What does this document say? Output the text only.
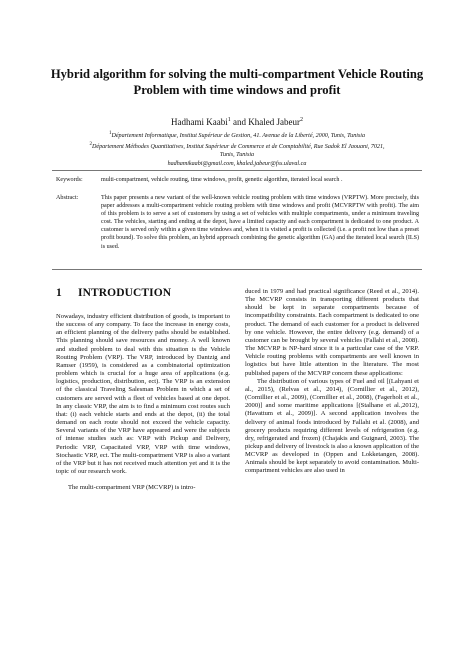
Hybrid algorithm for solving the multi-compartment Vehicle Routing
Problem with time windows and profit
Hadhami Kaabi$^1$ and Khaled Jabeur$^2$
$^1$Département Informatique, Institut Supérieur de Gestion, 41. Avenue de la Liberté, 2000, Tunis, Tunisia
$^2$Département Méthodes Quantitatives, Institut Supérieur de Commerce et de Comptabilité, Rue Sadok El Jaouani, 7021,
Tunis, Tunisia
hadhamikaabi@gmail.com, khaled.jabeur@fss.ulaval.ca
Keywords:	multi-compartment, vehicle routing, time windows, profit, genetic algorithm, iterated local search .
Abstract:	This paper presents a new variant of the well-known vehicle routing problem with time windows (VRPTW). More precisely, this paper addresses a multi-compartment vehicle routing problem with time windows and profit (MCVRPTW with profit). The aim of this problem is to serve a set of customers by using a set of vehicles with multiple compartments, under a minimum traveling cost. The vehicles, starting and ending at the depot, have a limited capacity and each compartment is dedicated to one product. A customer is served only within a given time windows and, when it is visited a profit is collected (i.e. a profit not low than a preset profit bound). To solve this problem, an hybrid approach combining the genetic algorithm (GA) and the iterated local search (ILS) is used.
1 INTRODUCTION

Nowadays, industry efficient distribution of goods, is important to the success of any company. To face the increase in energy costs, an efficient planning of the delivery paths should be established. This planning should save resources and money. A well known and studied problem to deal with this situation is the Vehicle Routing Problem (VRP). The VRP, introduced by Dantzig and Ramser (1959), is considered as a combinatorial optimization problem which is crucial for a huge area of applications (e.g. logistics, production, distribution, ect). The VRP is an extension of the classical Traveling Salesman Problem in which a set of customers are served with a fleet of vehicles based at one depot. In any classic VRP, the aim is to find a minimum cost routes such that: (i) each vehicle starts and ends at the depot, (ii) the total demand on each route should not exceed the vehicle capacity. Several variants of the VRP have appeared and were the subjects of intense studies such as: VRP with Pickup and Delivery, Periodic VRP, Capacitated VRP, VRP with time windows, Stochastic VRP, ect. The multi-compartment VRP is also a variant of the VRP but it has not received much attention yet and it is the topic of our research work.

The multi-compartment VRP (MCVRP) is intro-

duced in 1979 and had practical significance (Reed et al., 2014). The MCVRP consists in transporting different products that should be kept in separate compartments because of incompatibility constraints. Each compartment is dedicated to one product. The demand of each customer for a product is delivered by one vehicle. However, the entire delivery (e.g. demand) of a customer can be brought by several vehicles (Fallahi et al., 2008). The MCVRP is NP-hard since it is a particular case of the VRP. Vehicle routing problems with compartments are well known in logistics but have little attention in the literature. The most published papers of the MCVRP concern these applications:

The distribution of various types of Fuel and oil [(Lahyani et al., 2015), (Relvas et al., 2014), (Cornillier et al., 2012), (Cornillier et al., 2009), (Cornillier et al., 2008), (Fagerholt et al., 2000)] and some maritime applications [(Stalhane et al.,2012), (Havattum et al., 2009)]. A second application involves the delivery of animal foods introduced by Fallahi et al. (2008), and grocery products requiring different levels of refrigeration (e.g. dry, refrigerated and frozen) (Chajakis and Guignard, 2003). The pickup and delivery of livestock is also a known application of the MCVRP as developed in (Oppen and Lokketangen, 2008). Animals should be kept separately to avoid contamination. Multi-compartment vehicles are also used in
